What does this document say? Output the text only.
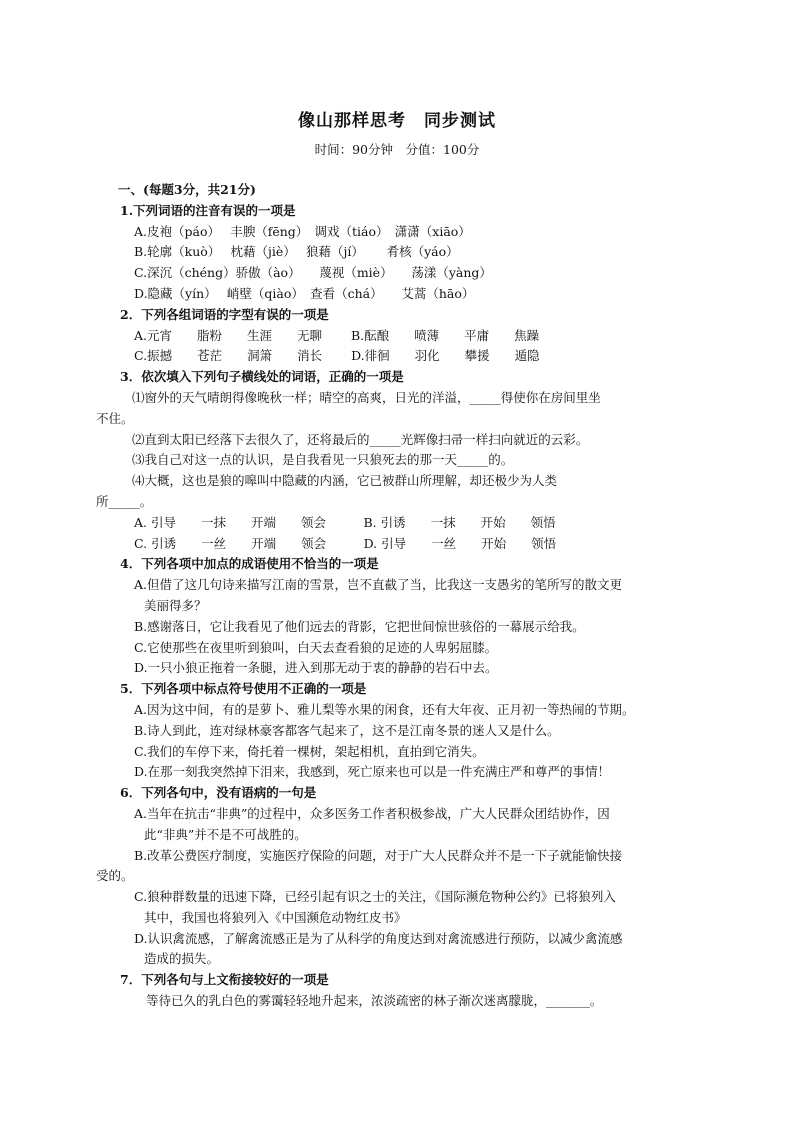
像山那样思考　同步测试
时间：90分钟　分值：100分
一、(每题3分，共21分)
1.下列词语的注音有误的一项是
A.皮袍（páo）　 丰腴（fēng）　调戏（tiáo）　潇潇（xiāo）
B.轮廓（kuò）　 枕藉（jiè）　 狼藉（jí）　　 肴核（yáo）
C.深沉（chéng）骄傲（ào）　　蔑视（miè）　　荡漾（yàng）
D.隐藏（yín）　 峭壁（qiào）　查看（chá）　　艾蒿（hāo）
2．下列各组词语的字型有误的一项是
A.元宵　　脂粉　　生涯　　无聊　　 B.酝酿　　喷薄　　平庸　　焦躁
C.振撼　　苍茫　　洞箫　　消长　　 D.徘徊　　羽化　　攀援　　遁隐
3．依次填入下列句子横线处的词语，正确的一项是
⑴窗外的天气晴朗得像晚秋一样；晴空的高爽，日光的洋溢，_____得使你在房间里坐
不住。
⑵直到太阳已经落下去很久了，还将最后的_____光辉像扫帚一样扫向就近的云彩。
⑶我自己对这一点的认识，是自我看见一只狼死去的那一天_____的。
⑷大概，这也是狼的嗥叫中隐藏的内涵，它已被群山所理解，却还极少为人类
所_____。
A. 引导　　一抹　　开端　　领会　　　B. 引诱　　一抹　　开始　　领悟
C. 引诱　　一丝　　开端　　领会　　　D. 引导　　一丝　　开始　　领悟
4．下列各项中加点的成语使用不恰当的一项是
A.但借了这几句诗来描写江南的雪景，岂不直截了当，比我这一支愚劣的笔所写的散文更
美丽得多？
B.感谢落日，它让我看见了他们远去的背影，它把世间惊世骇俗的一幕展示给我。
C.它使那些在夜里听到狼叫，白天去查看狼的足迹的人卑躬屈膝。
D.一只小狼正拖着一条腿，进入到那无动于衷的静静的岩石中去。
5．下列各项中标点符号使用不正确的一项是
A.因为这中间，有的是萝卜、雅儿梨等水果的闲食，还有大年夜、正月初一等热闹的节期。
B.诗人到此，连对绿林豪客都客气起来了，这不是江南冬景的迷人又是什么。
C.我们的车停下来，倚托着一棵树，架起相机，直拍到它消失。
D.在那一刻我突然掉下泪来，我感到，死亡原来也可以是一件充满庄严和尊严的事情！
6．下列各句中，没有语病的一句是
A.当年在抗击“非典”的过程中，众多医务工作者积极参战，广大人民群众团结协作，因
此“非典”并不是不可战胜的。
B.改革公费医疗制度，实施医疗保险的问题，对于广大人民群众并不是一下子就能愉快接
受的。
C.狼种群数量的迅速下降，已经引起有识之士的关注，《国际濒危物种公约》已将狼列入
其中，我国也将狼列入《中国濒危动物红皮书》
D.认识禽流感，了解禽流感正是为了从科学的角度达到对禽流感进行预防，以减少禽流感
造成的损失。
7．下列各句与上文衔接较好的一项是
等待已久的乳白色的雾霭轻轻地升起来，浓淡疏密的林子渐次迷离朦胧，_______。
